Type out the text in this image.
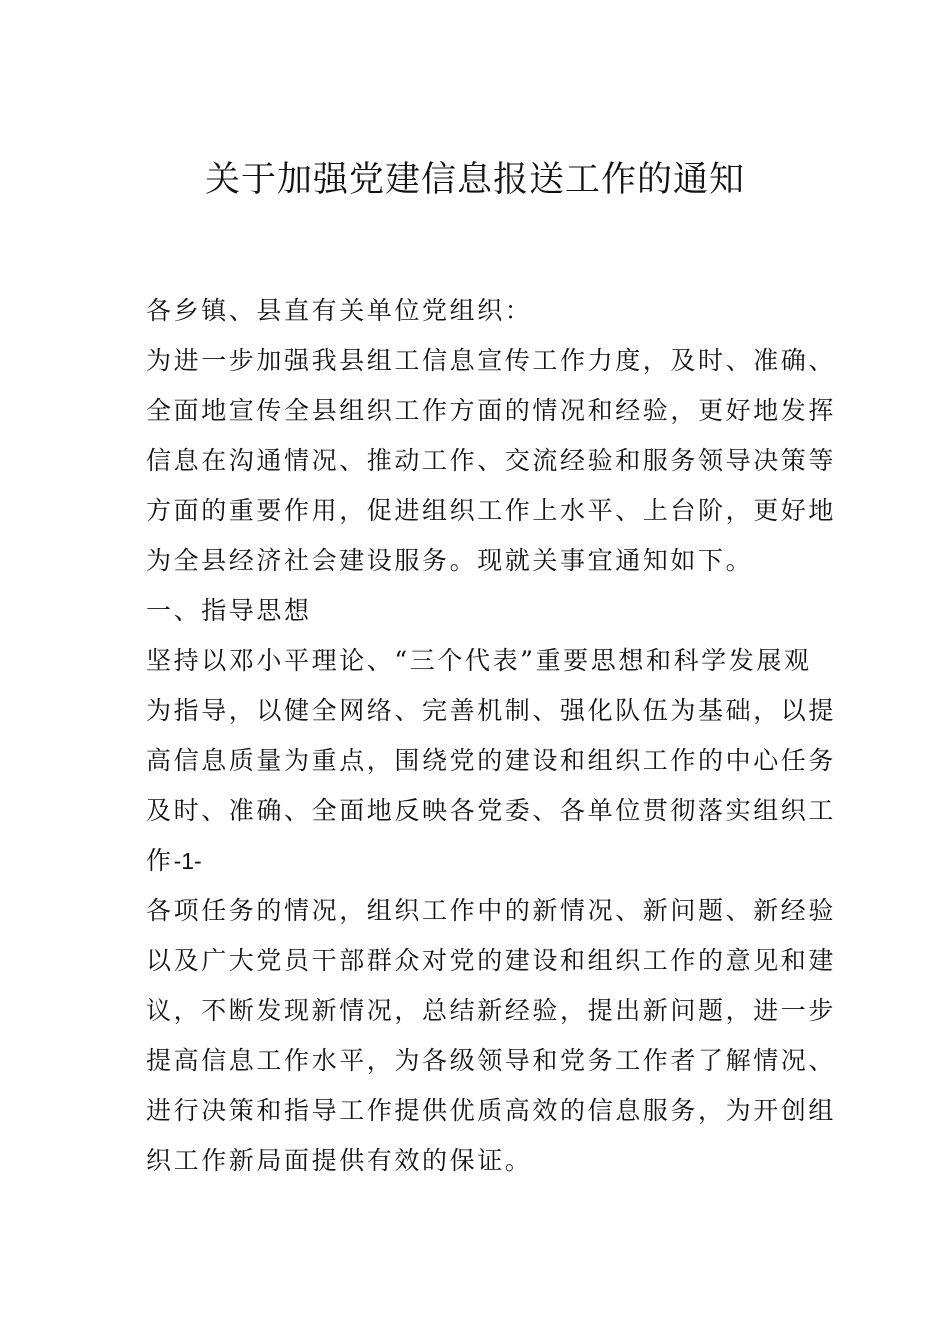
关于加强党建信息报送工作的通知
各乡镇、县直有关单位党组织：
为进一步加强我县组工信息宣传工作力度，及时、准确、
全面地宣传全县组织工作方面的情况和经验，更好地发挥
信息在沟通情况、推动工作、交流经验和服务领导决策等
方面的重要作用，促进组织工作上水平、上台阶，更好地
为全县经济社会建设服务。现就关事宜通知如下。
一、指导思想
坚持以邓小平理论、“三个代表”重要思想和科学发展观
为指导，以健全网络、完善机制、强化队伍为基础，以提
高信息质量为重点，围绕党的建设和组织工作的中心任务
及时、准确、全面地反映各党委、各单位贯彻落实组织工
作-1-
各项任务的情况，组织工作中的新情况、新问题、新经验
以及广大党员干部群众对党的建设和组织工作的意见和建
议，不断发现新情况，总结新经验，提出新问题，进一步
提高信息工作水平，为各级领导和党务工作者了解情况、
进行决策和指导工作提供优质高效的信息服务，为开创组
织工作新局面提供有效的保证。
